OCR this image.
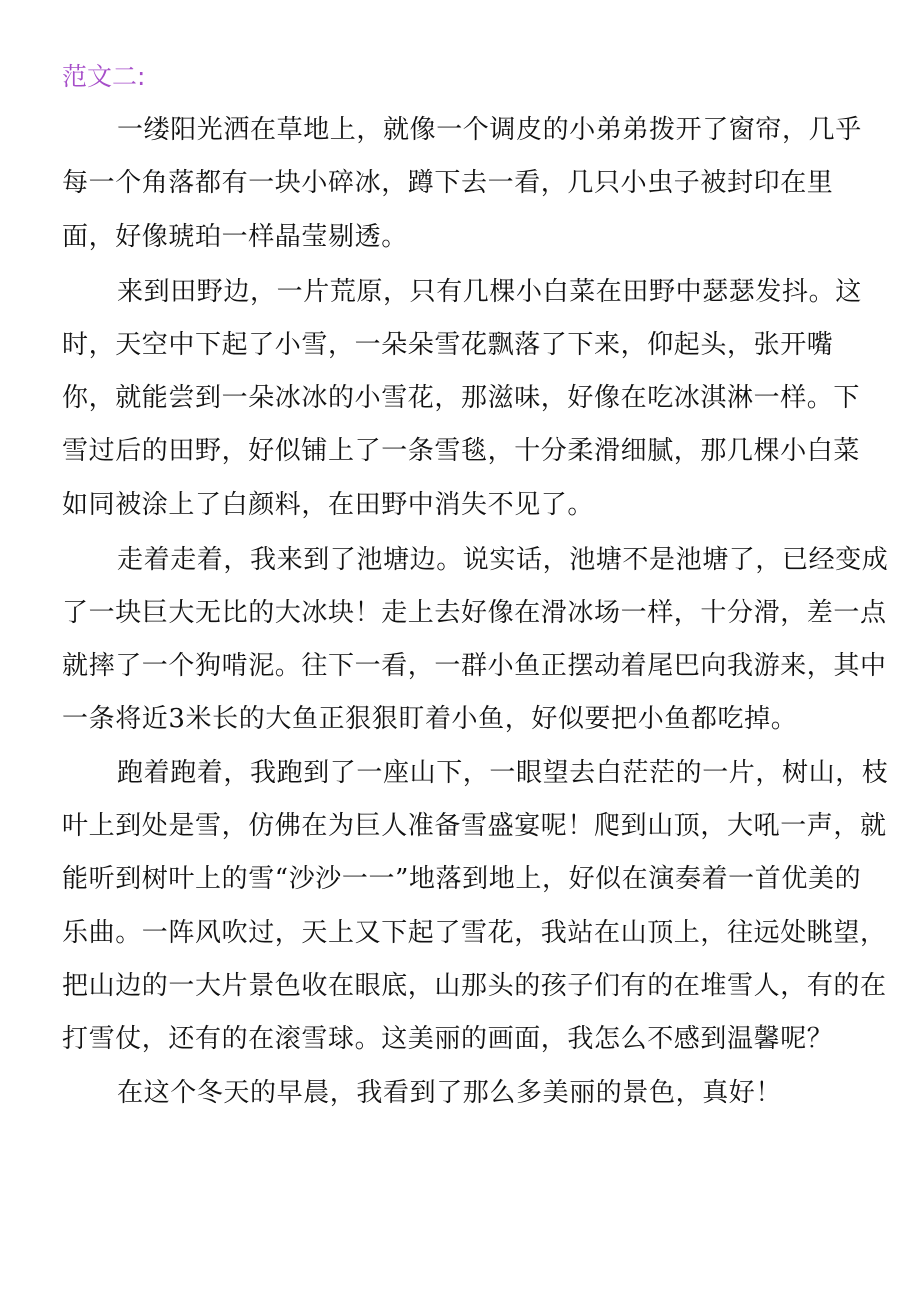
范文二:
一缕阳光洒在草地上，就像一个调皮的小弟弟拨开了窗帘，几乎
每一个角落都有一块小碎冰，蹲下去一看，几只小虫子被封印在里
面，好像琥珀一样晶莹剔透。
来到田野边，一片荒原，只有几棵小白菜在田野中瑟瑟发抖。这
时，天空中下起了小雪，一朵朵雪花飘落了下来，仰起头，张开嘴
你，就能尝到一朵冰冰的小雪花，那滋味，好像在吃冰淇淋一样。下
雪过后的田野，好似铺上了一条雪毯，十分柔滑细腻，那几棵小白菜
如同被涂上了白颜料，在田野中消失不见了。
走着走着，我来到了池塘边。说实话，池塘不是池塘了，已经变成
了一块巨大无比的大冰块！走上去好像在滑冰场一样，十分滑，差一点
就摔了一个狗啃泥。往下一看，一群小鱼正摆动着尾巴向我游来，其中
一条将近3米长的大鱼正狠狠盯着小鱼，好似要把小鱼都吃掉。
跑着跑着，我跑到了一座山下，一眼望去白茫茫的一片，树山，枝
叶上到处是雪，仿佛在为巨人准备雪盛宴呢！爬到山顶，大吼一声，就
能听到树叶上的雪“沙沙一一”地落到地上，好似在演奏着一首优美的
乐曲。一阵风吹过，天上又下起了雪花，我站在山顶上，往远处眺望，
把山边的一大片景色收在眼底，山那头的孩子们有的在堆雪人，有的在
打雪仗，还有的在滚雪球。这美丽的画面，我怎么不感到温馨呢？
在这个冬天的早晨，我看到了那么多美丽的景色，真好！
